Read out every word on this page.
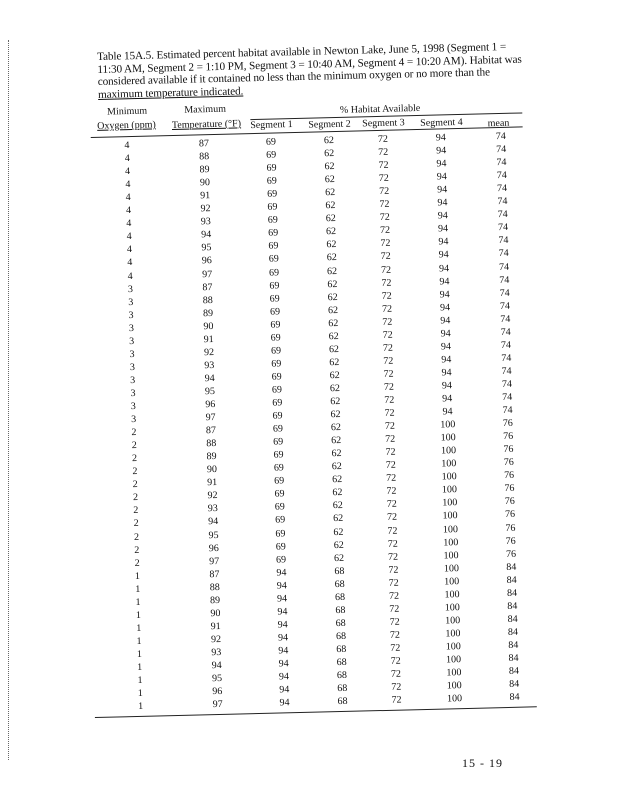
Table 15A.5. Estimated percent habitat available in Newton Lake, June 5, 1998 (Segment 1 = 11:30 AM, Segment 2 = 1:10 PM, Segment 3 = 10:40 AM, Segment 4 = 10:20 AM). Habitat was considered available if it contained no less than the minimum oxygen or no more than the maximum temperature indicated.
Minimum	Maximum	% Habitat Available
Oxygen (ppm)	Temperature (°F) Segment 1	Segment 2	Segment 3	Segment 4	mean
4	87	69	62	72	94	74
4	88	69	62	72	94	74
4	89	69	62	72	94	74
4	90	69	62	72	94	74
4	91	69	62	72	94	74
4	92	69	62	72	94	74
4	93	69	62	72	94	74
4	94	69	62	72	94	74
4	95	69	62	72	94	74
4	96	69	62	72	94	74
4	97	69	62	72	94	74
3	87	69	62	72	94	74
3	88	69	62	72	94	74
3	89	69	62	72	94	74
3	90	69	62	72	94	74
3	91	69	62	72	94	74
3	92	69	62	72	94	74
3	93	69	62	72	94	74
3	94	69	62	72	94	74
3	95	69	62	72	94	74
3	96	69	62	72	94	74
3	97	69	62	72	94	74
2	87	69	62	72	100	76
2	88	69	62	72	100	76
2	89	69	62	72	100	76
2	90	69	62	72	100	76
2	91	69	62	72	100	76
2	92	69	62	72	100	76
2	93	69	62	72	100	76
2	94	69	62	72	100	76
2	95	69	62	72	100	76
2	96	69	62	72	100	76
2	97	69	62	72	100	76
1	87	94	68	72	100	84
1	88	94	68	72	100	84
1	89	94	68	72	100	84
1	90	94	68	72	100	84
1	91	94	68	72	100	84
1	92	94	68	72	100	84
1	93	94	68	72	100	84
1	94	94	68	72	100	84
1	95	94	68	72	100	84
1	96	94	68	72	100	84
1	97	94	68	72	100	84
15 - 19
